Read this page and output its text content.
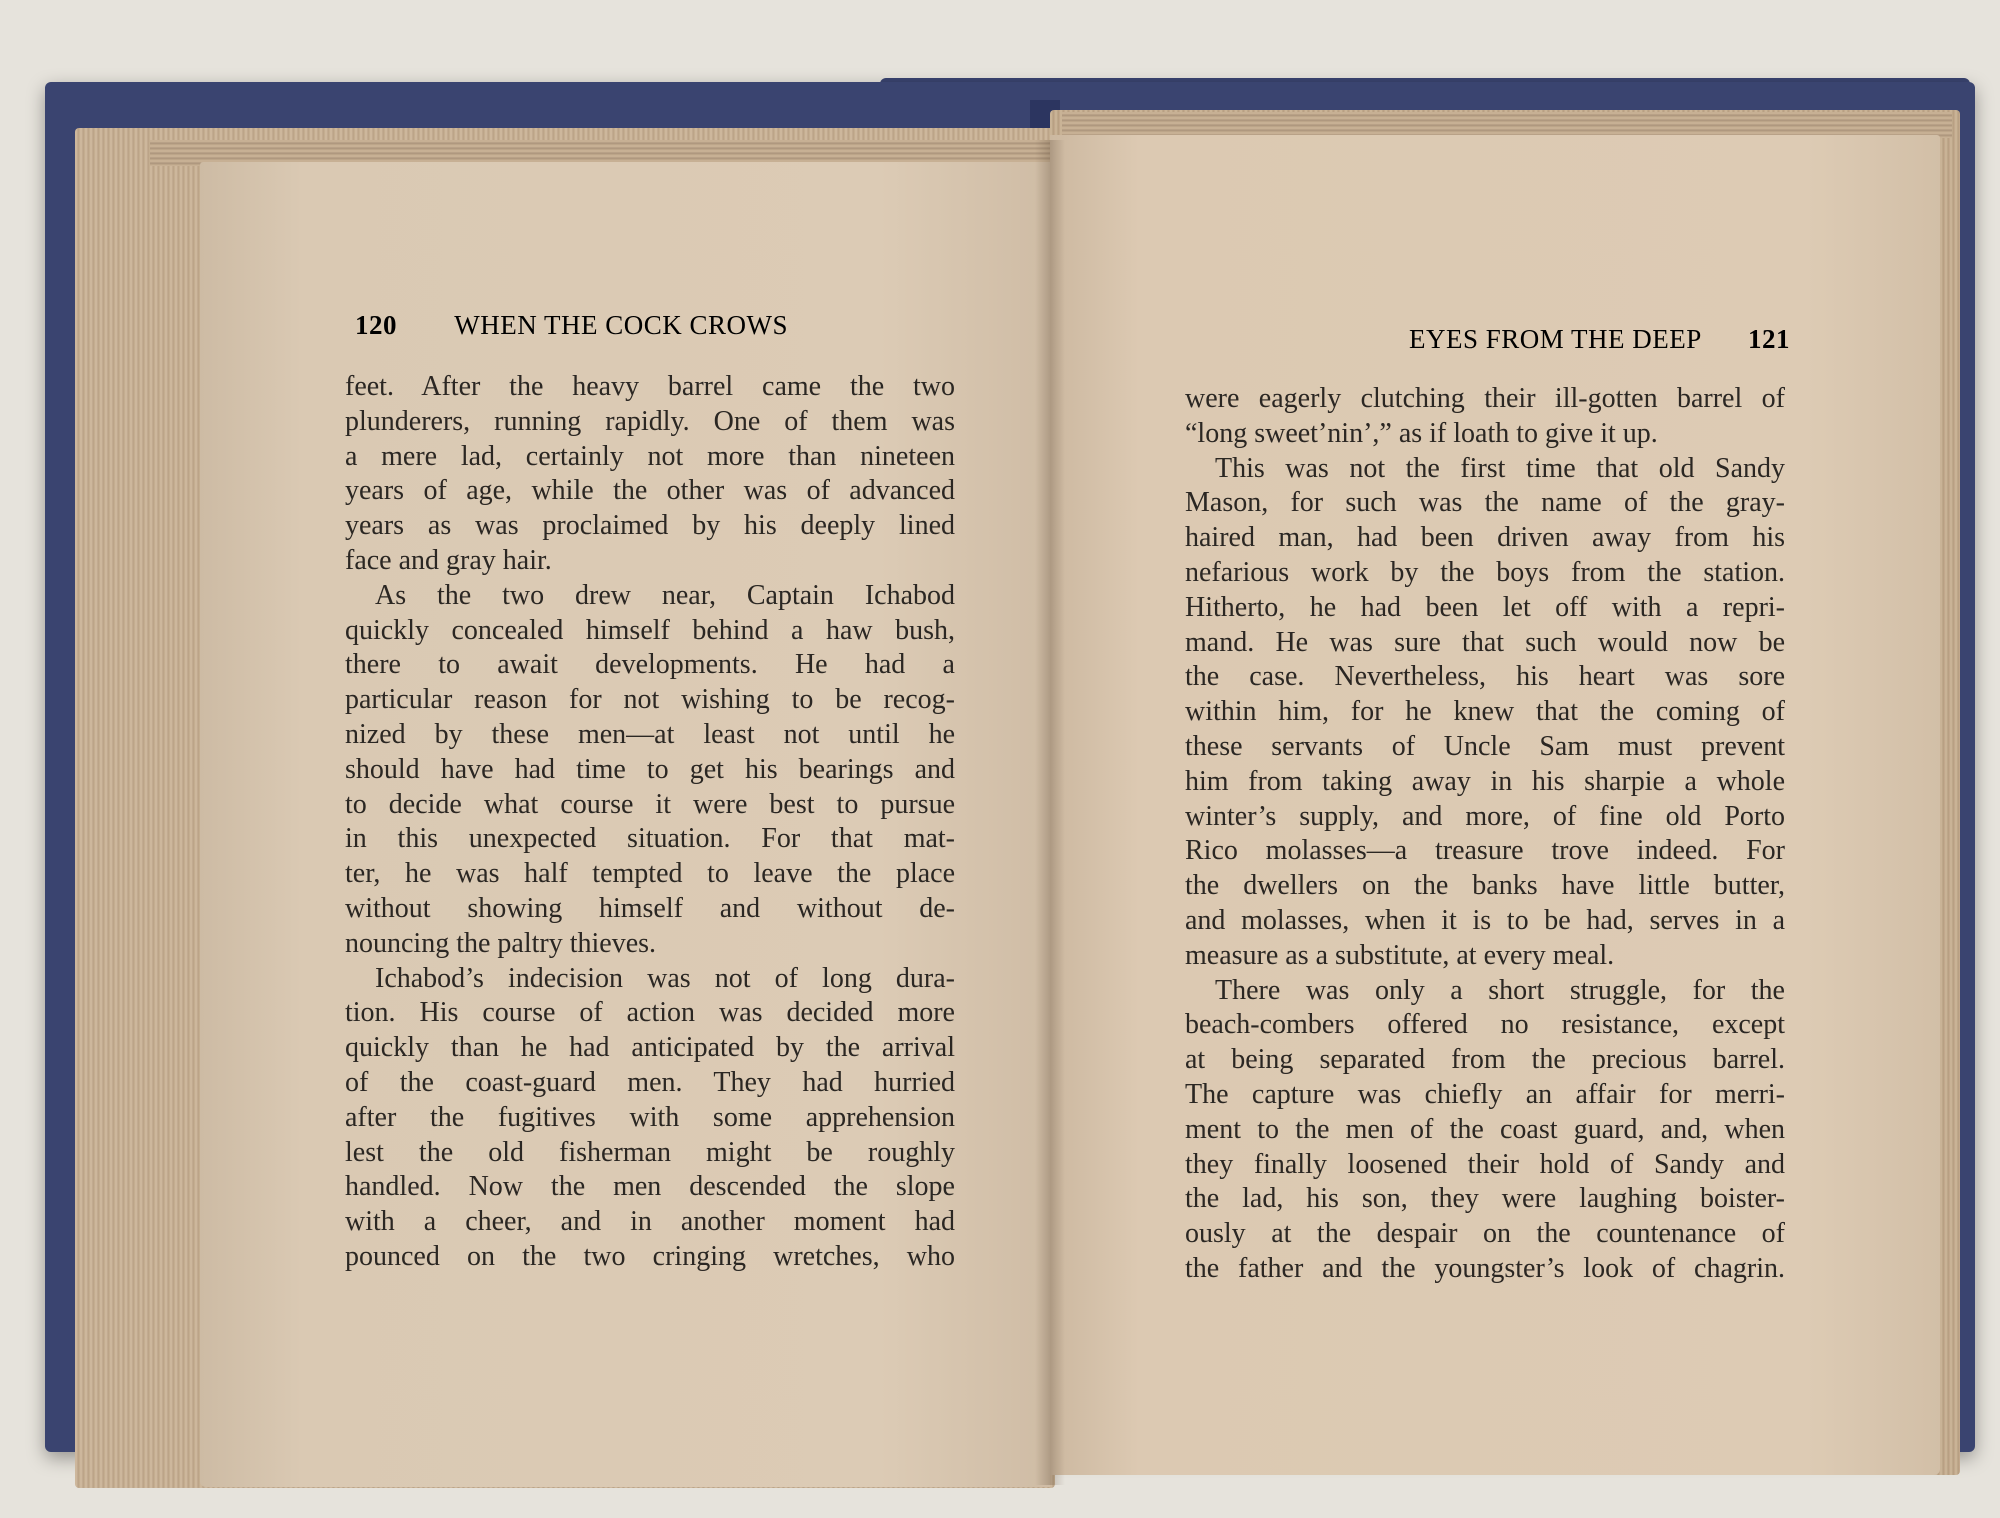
120 WHEN THE COCK CROWS	EYES FROM THE DEEP 121
feet. After the heavy barrel came the two
plunderers, running rapidly. One of them was
a mere lad, certainly not more than nineteen
years of age, while the other was of advanced
years as was proclaimed by his deeply lined
face and gray hair.
As the two drew near, Captain Ichabod
quickly concealed himself behind a haw bush,
there to await developments. He had a
particular reason for not wishing to be recog-
nized by these men—at least not until he
should have had time to get his bearings and
to decide what course it were best to pursue
in this unexpected situation. For that mat-
ter, he was half tempted to leave the place
without showing himself and without de-
nouncing the paltry thieves.
Ichabod’s indecision was not of long dura-
tion. His course of action was decided more
quickly than he had anticipated by the arrival
of the coast-guard men. They had hurried
after the fugitives with some apprehension
lest the old fisherman might be roughly
handled. Now the men descended the slope
with a cheer, and in another moment had
pounced on the two cringing wretches, who
were eagerly clutching their ill-gotten barrel of
“long sweet’nin’,” as if loath to give it up.
This was not the first time that old Sandy
Mason, for such was the name of the gray-
haired man, had been driven away from his
nefarious work by the boys from the station.
Hitherto, he had been let off with a repri-
mand. He was sure that such would now be
the case. Nevertheless, his heart was sore
within him, for he knew that the coming of
these servants of Uncle Sam must prevent
him from taking away in his sharpie a whole
winter’s supply, and more, of fine old Porto
Rico molasses—a treasure trove indeed. For
the dwellers on the banks have little butter,
and molasses, when it is to be had, serves in a
measure as a substitute, at every meal.
There was only a short struggle, for the
beach-combers offered no resistance, except
at being separated from the precious barrel.
The capture was chiefly an affair for merri-
ment to the men of the coast guard, and, when
they finally loosened their hold of Sandy and
the lad, his son, they were laughing boister-
ously at the despair on the countenance of
the father and the youngster’s look of chagrin.
